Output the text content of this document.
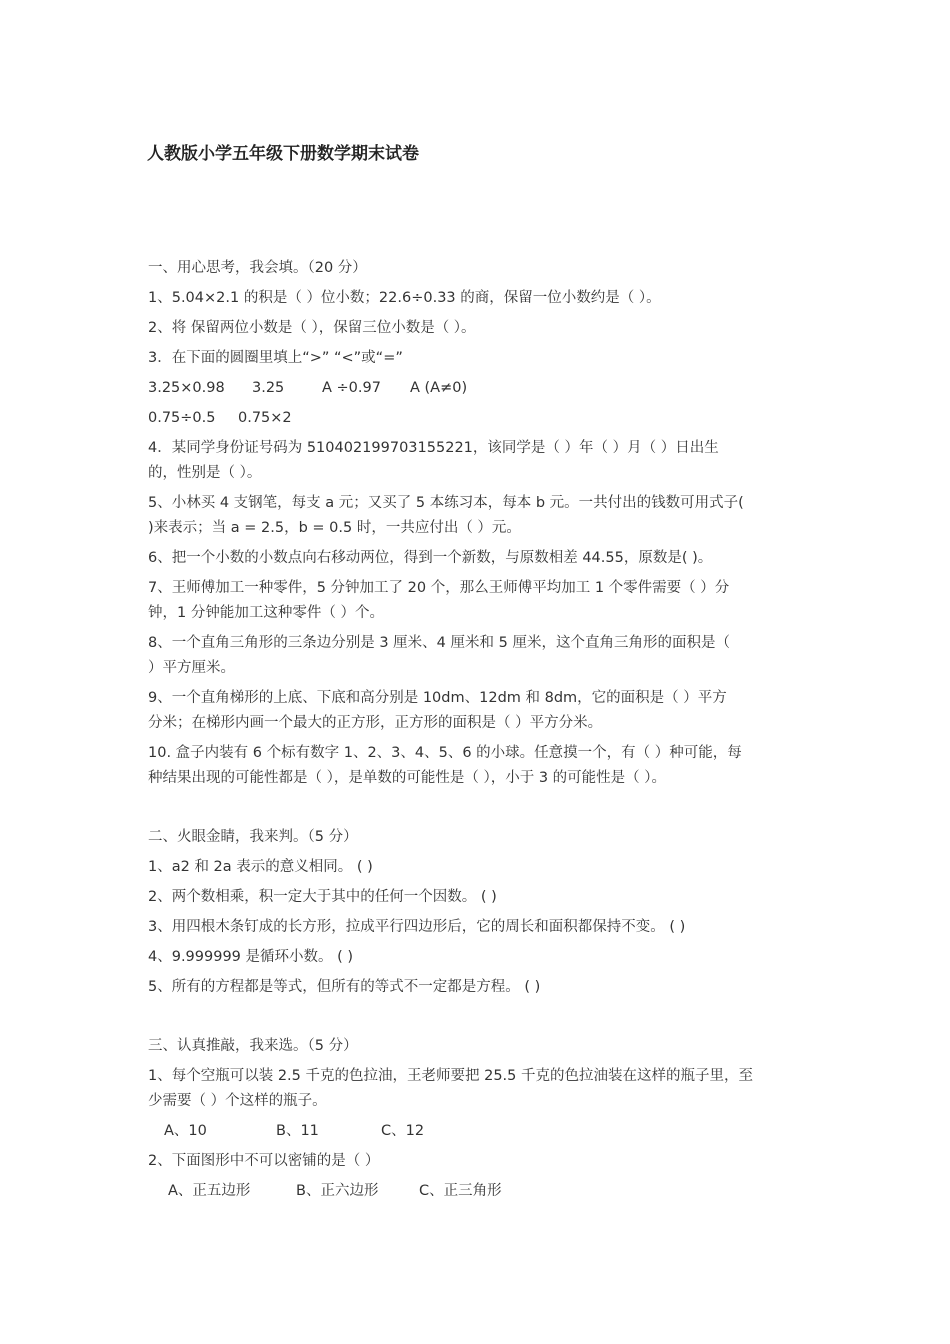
人教版小学五年级下册数学期末试卷
一、用心思考，我会填。（20 分）
1、5.04×2.1 的积是（ ）位小数；22.6÷0.33 的商，保留一位小数约是（ ）。
2、将 保留两位小数是（ ），保留三位小数是（ ）。
3．在下面的圆圈里填上“>” “<”或“=”
3.25×0.98 3.25	A ÷0.97 A (A≠0)
0.75÷0.5 0.75×2
4．某同学身份证号码为 510402199703155221，该同学是（ ）年（ ）月（ ）日出生
的，性别是（ ）。
5、小林买 4 支钢笔，每支 a 元；又买了 5 本练习本，每本 b 元。一共付出的钱数可用式子(
)来表示；当 a = 2.5，b = 0.5 时，一共应付出（ ）元。
6、把一个小数的小数点向右移动两位，得到一个新数，与原数相差 44.55，原数是( )。
7、王师傅加工一种零件，5 分钟加工了 20 个，那么王师傅平均加工 1 个零件需要（ ）分
钟，1 分钟能加工这种零件（ ）个。
8、一个直角三角形的三条边分别是 3 厘米、4 厘米和 5 厘米，这个直角三角形的面积是（
）平方厘米。
9、一个直角梯形的上底、下底和高分别是 10dm、12dm 和 8dm，它的面积是（ ）平方
分米；在梯形内画一个最大的正方形，正方形的面积是（ ）平方分米。
10. 盒子内装有 6 个标有数字 1、2、3、4、5、6 的小球。任意摸一个，有（ ）种可能，每
种结果出现的可能性都是（ ），是单数的可能性是（ ），小于 3 的可能性是（ ）。
二、火眼金睛，我来判。（5 分）
1、a2 和 2a 表示的意义相同。 ( )
2、两个数相乘，积一定大于其中的任何一个因数。 ( )
3、用四根木条钉成的长方形，拉成平行四边形后，它的周长和面积都保持不变。 ( )
4、9.999999 是循环小数。 ( )
5、所有的方程都是等式，但所有的等式不一定都是方程。 ( )
三、认真推敲，我来选。（5 分）
1、每个空瓶可以装 2.5 千克的色拉油，王老师要把 25.5 千克的色拉油装在这样的瓶子里，至
少需要（ ）个这样的瓶子。
A、10	B、11	C、12
2、下面图形中不可以密铺的是（ ）
A、正五边形	B、正六边形	C、正三角形
